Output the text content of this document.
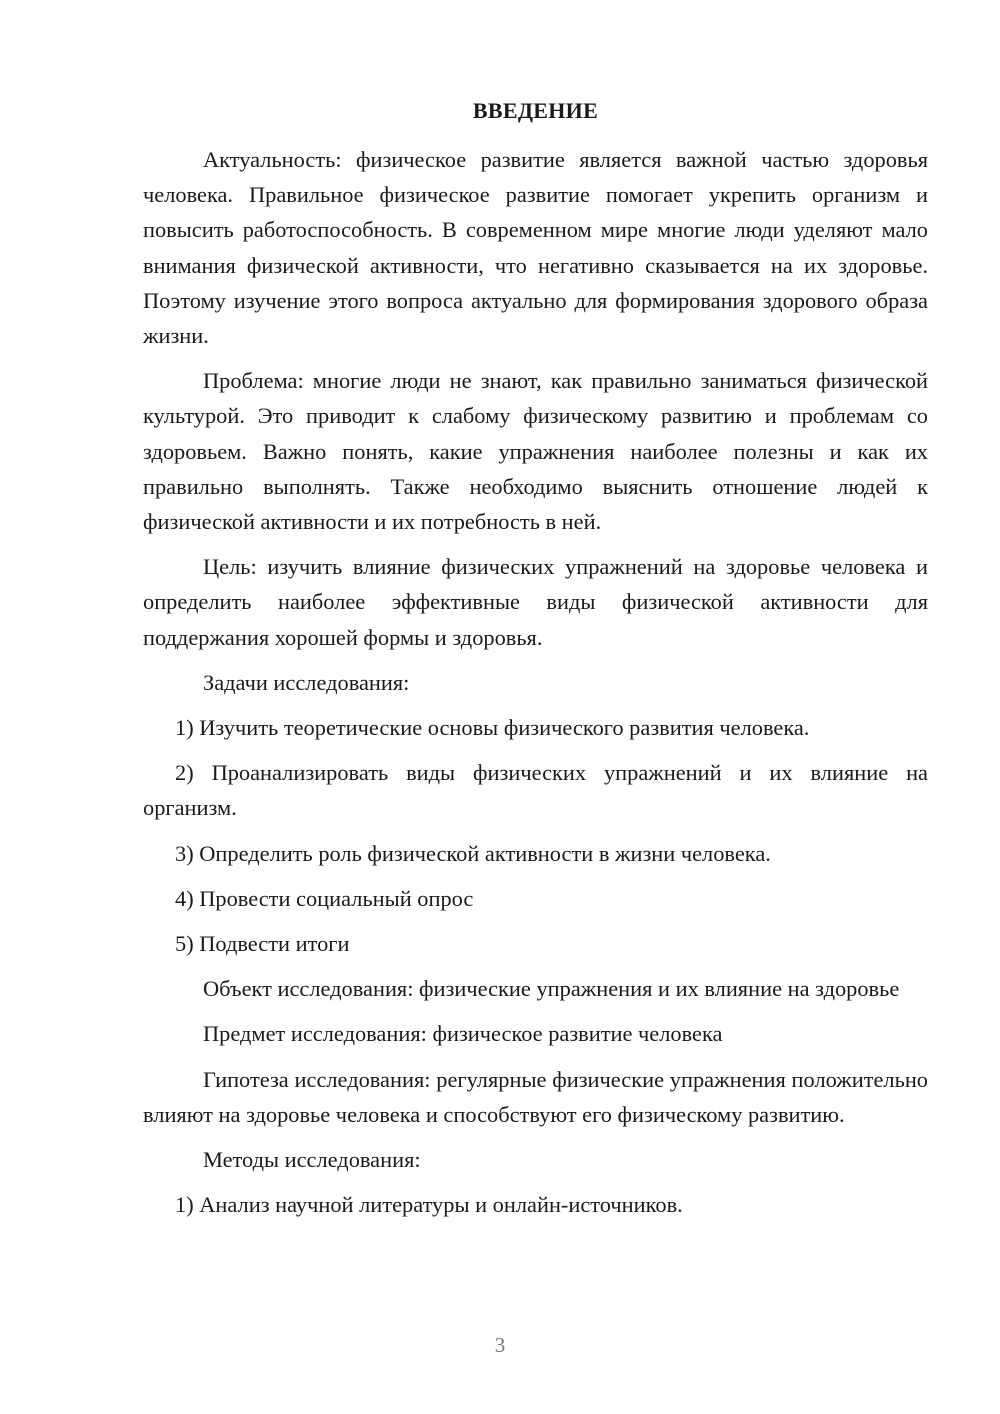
ВВЕДЕНИЕ

Актуальность: физическое развитие является важной частью здоровья человека. Правильное физическое развитие помогает укрепить организм и повысить работоспособность. В современном мире многие люди уделяют мало внимания физической активности, что негативно сказывается на их здоровье. Поэтому изучение этого вопроса актуально для формирования здорового образа жизни.

Проблема: многие люди не знают, как правильно заниматься физической культурой. Это приводит к слабому физическому развитию и проблемам со здоровьем. Важно понять, какие упражнения наиболее полезны и как их правильно выполнять. Также необходимо выяснить отношение людей к физической активности и их потребность в ней.

Цель: изучить влияние физических упражнений на здоровье человека и определить наиболее эффективные виды физической активности для поддержания хорошей формы и здоровья.

Задачи исследования:

1) Изучить теоретические основы физического развития человека.

2) Проанализировать виды физических упражнений и их влияние на организм.

3) Определить роль физической активности в жизни человека.

4) Провести социальный опрос

5) Подвести итоги

Объект исследования: физические упражнения и их влияние на здоровье

Предмет исследования: физическое развитие человека

Гипотеза исследования: регулярные физические упражнения положительно влияют на здоровье человека и способствуют его физическому развитию.

Методы исследования:

1) Анализ научной литературы и онлайн-источников.

3
